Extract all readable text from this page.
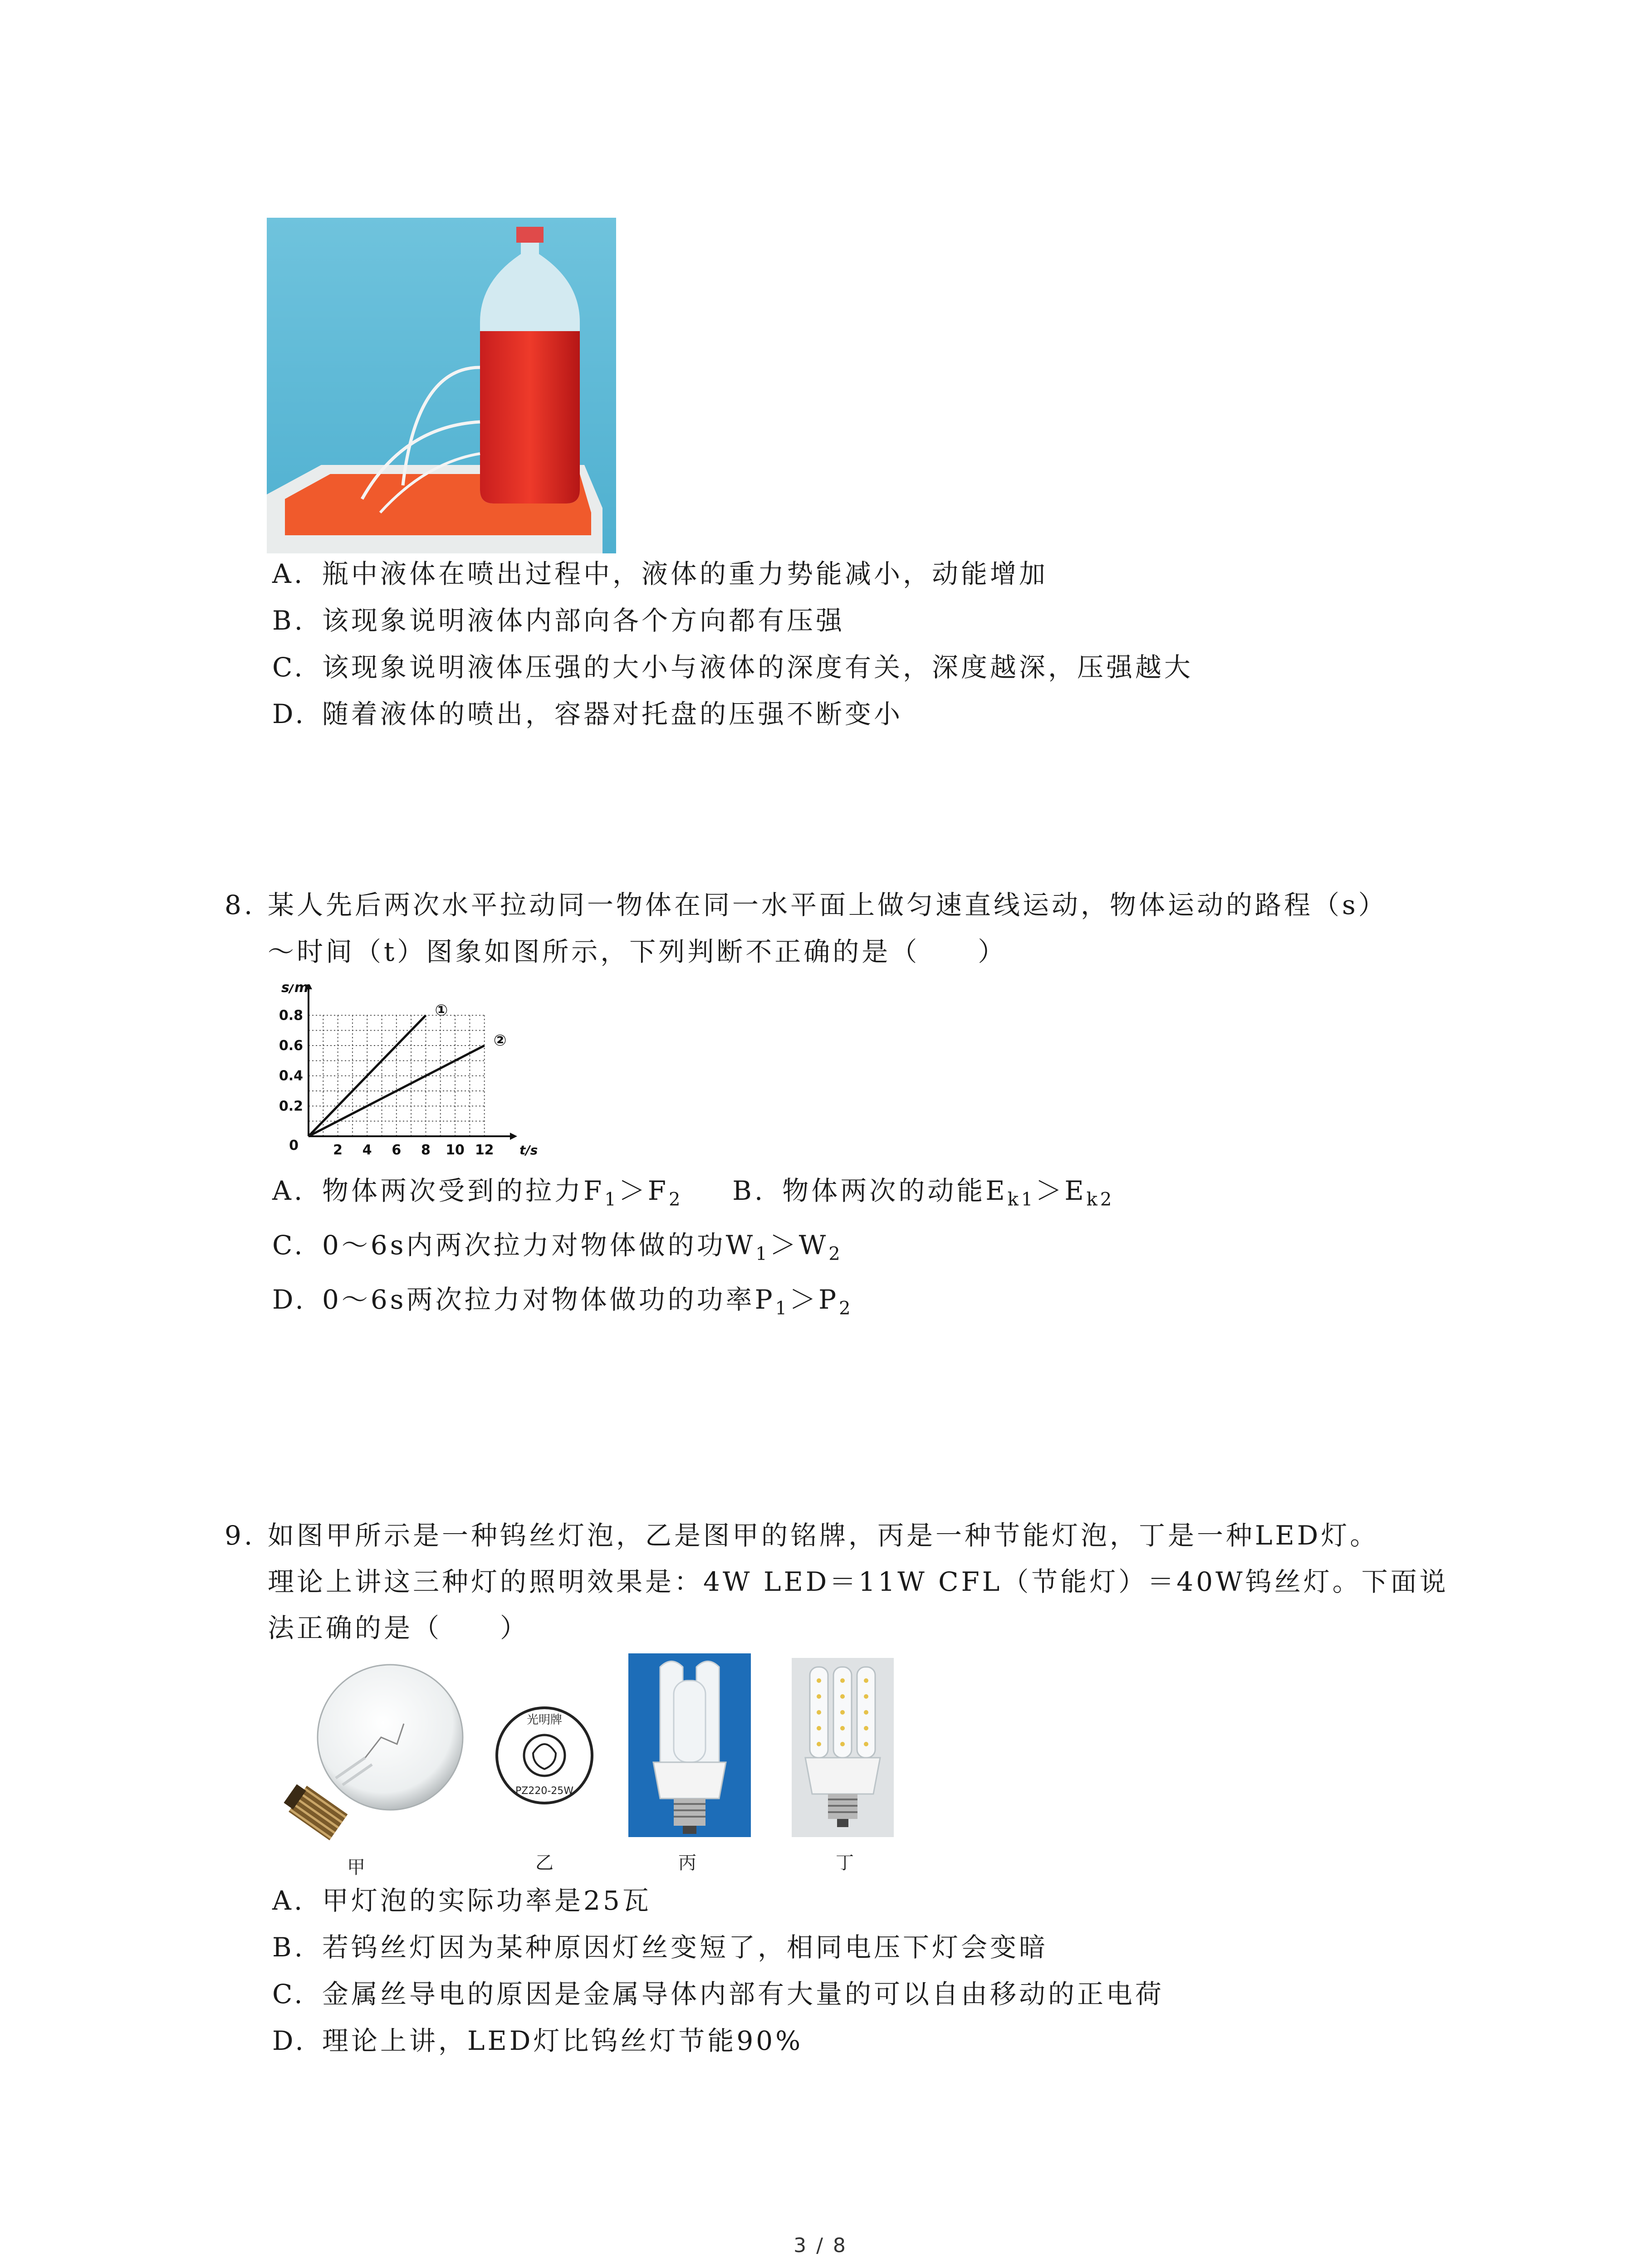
A. 瓶中液体在喷出过程中，液体的重力势能减小，动能增加
B. 该现象说明液体内部向各个方向都有压强
C. 该现象说明液体压强的大小与液体的深度有关，深度越深，压强越大
D. 随着液体的喷出，容器对托盘的压强不断变小
8. 某人先后两次水平拉动同一物体在同一水平面上做匀速直线运动，物体运动的路程（s）
～时间（t）图象如图所示，下列判断不正确的是（　　）
2 4 6 8 10 12
0.2
0.4
0.6
0.8
0
s/m
t/s
①
②
A. 物体两次受到的拉力$F_1>F_2$ B. 物体两次的动能$E_{k1}>E_{k2}$
C. 0～6s内两次拉力对物体做的功$W_1>W_2$
D. 0～6s两次拉力对物体做功的功率$P_1>P_2$
9. 如图甲所示是一种钨丝灯泡，乙是图甲的铭牌，丙是一种节能灯泡，丁是一种LED灯。
理论上讲这三种灯的照明效果是：4W LED＝11W CFL（节能灯）＝40W钨丝灯。下面说
法正确的是（　　）
甲
光明牌
PZ220-25W
乙	丙	丁
A. 甲灯泡的实际功率是25瓦
B. 若钨丝灯因为某种原因灯丝变短了，相同电压下灯会变暗
C. 金属丝导电的原因是金属导体内部有大量的可以自由移动的正电荷
D. 理论上讲，LED灯比钨丝灯节能90%
3 / 8
